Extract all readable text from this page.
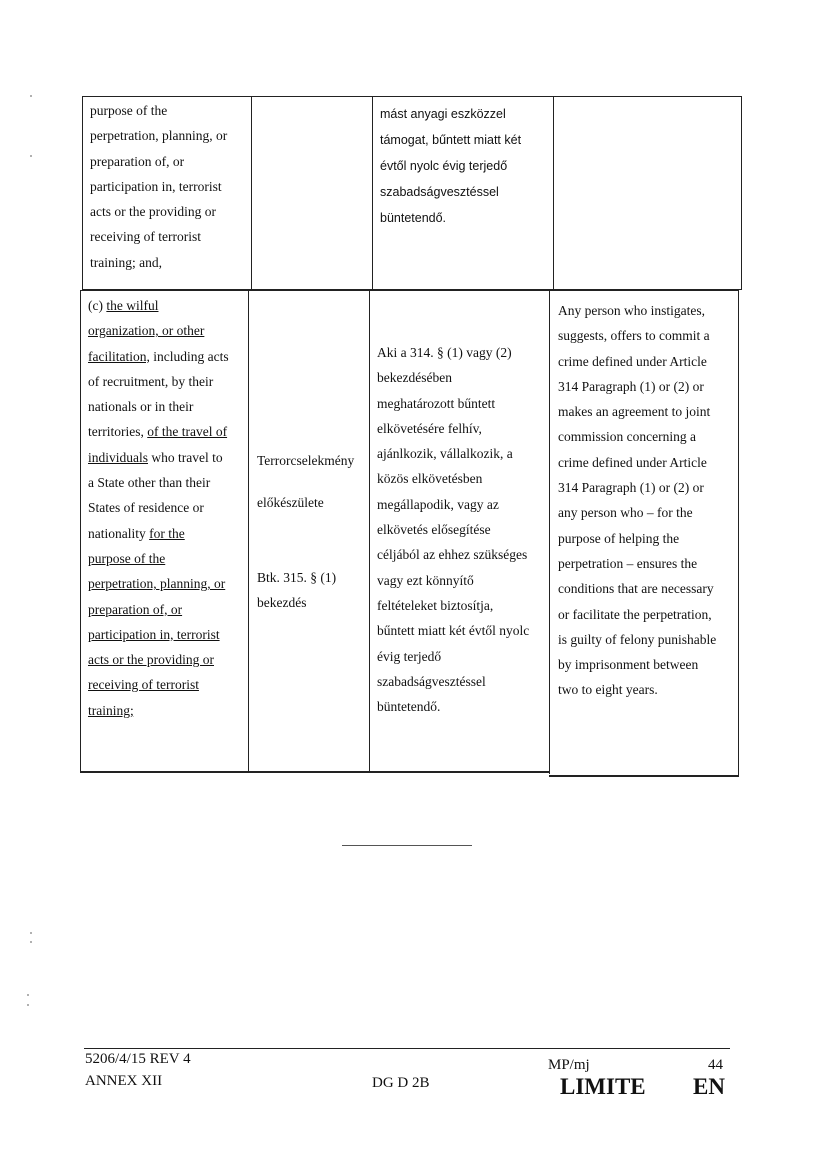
purpose of the
perpetration, planning, or
preparation of, or
participation in, terrorist
acts or the providing or
receiving of terrorist
training; and,
mást anyagi eszközzel
támogat, bűntett miatt két
évtől nyolc évig terjedő
szabadságvesztéssel
büntetendő.
(c) the wilful
organization, or other
facilitation, including acts
of recruitment, by their
nationals or in their
territories, of the travel of
individuals who travel to
a State other than their
States of residence or
nationality for the
purpose of the
perpetration, planning, or
preparation of, or
participation in, terrorist
acts or the providing or
receiving of terrorist
training;
Terrorcselekmény
előkészülete
Btk. 315. § (1)
bekezdés
Aki a 314. § (1) vagy (2)
bekezdésében
meghatározott bűntett
elkövetésére felhív,
ajánlkozik, vállalkozik, a
közös elkövetésben
megállapodik, vagy az
elkövetés elősegítése
céljából az ehhez szükséges
vagy ezt könnyítő
feltételeket biztosítja,
bűntett miatt két évtől nyolc
évig terjedő
szabadságvesztéssel
büntetendő.
Any person who instigates,
suggests, offers to commit a
crime defined under Article
314 Paragraph (1) or (2) or
makes an agreement to joint
commission concerning a
crime defined under Article
314 Paragraph (1) or (2) or
any person who – for the
purpose of helping the
perpetration – ensures the
conditions that are necessary
or facilitate the perpetration,
is guilty of felony punishable
by imprisonment between
two to eight years.
5206/4/15 REV 4
ANNEX XII	DG D 2B
MP/mj	44
LIMITE EN
